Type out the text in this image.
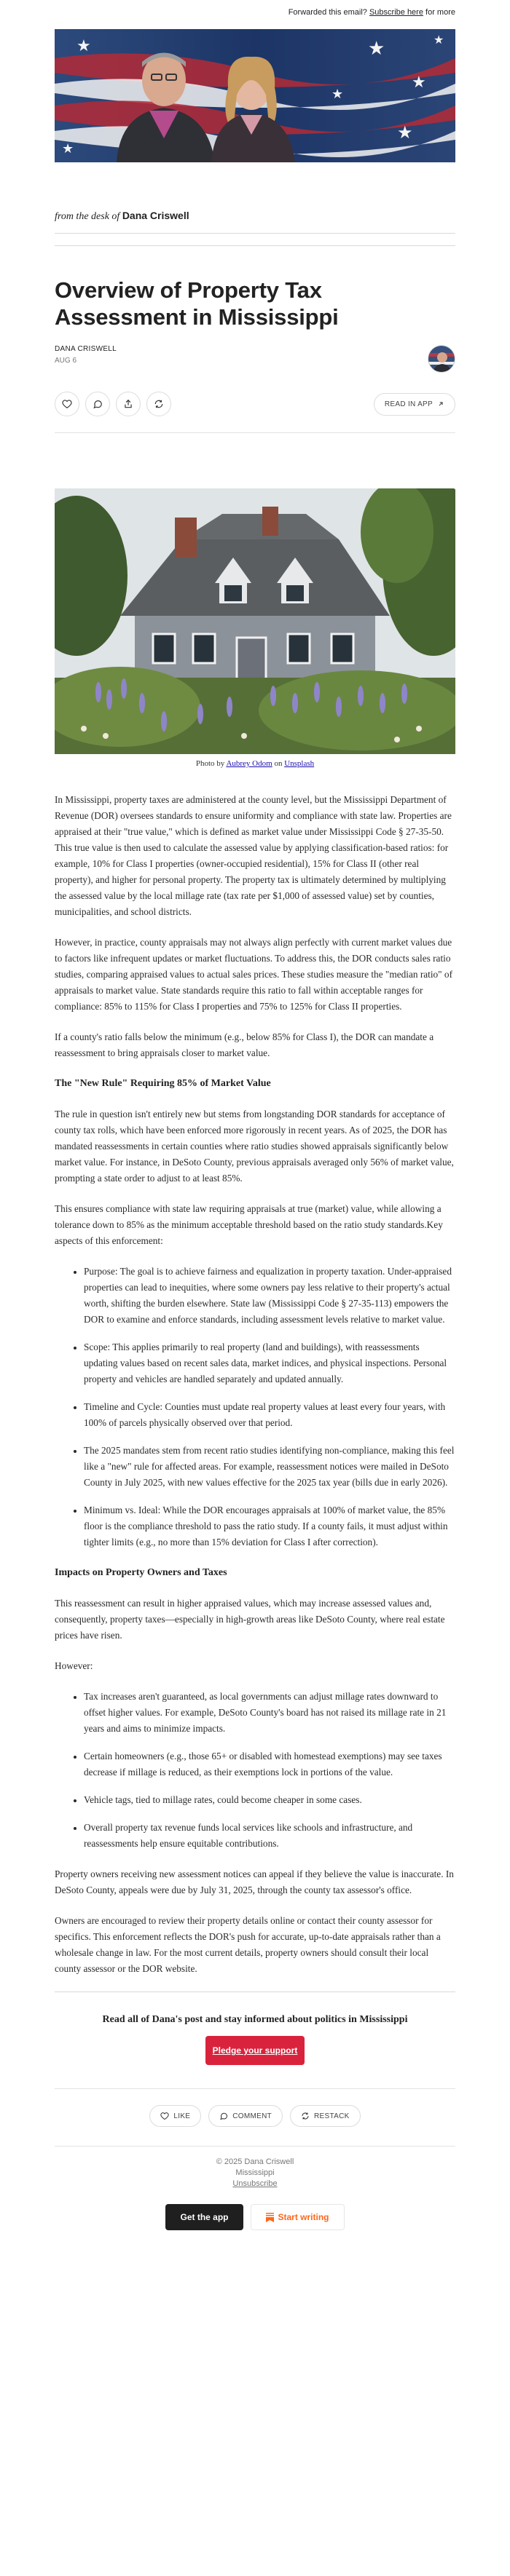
Forwarded this email? Subscribe here for more
★	★
★
★
★
★
★
from the desk of Dana Criswell
Overview of Property Tax Assessment in Mississippi
DANA CRISWELL
AUG 6
READ IN APP
Photo by Aubrey Odom on Unsplash

In Mississippi, property taxes are administered at the county level, but the Mississippi Department of Revenue (DOR) oversees standards to ensure uniformity and compliance with state law. Properties are appraised at their "true value," which is defined as market value under Mississippi Code § 27-35-50. This true value is then used to calculate the assessed value by applying classification-based ratios: for example, 10% for Class I properties (owner-occupied residential), 15% for Class II (other real property), and higher for personal property. The property tax is ultimately determined by multiplying the assessed value by the local millage rate (tax rate per $1,000 of assessed value) set by counties, municipalities, and school districts.

However, in practice, county appraisals may not always align perfectly with current market values due to factors like infrequent updates or market fluctuations. To address this, the DOR conducts sales ratio studies, comparing appraised values to actual sales prices. These studies measure the "median ratio" of appraisals to market value. State standards require this ratio to fall within acceptable ranges for compliance: 85% to 115% for Class I properties and 75% to 125% for Class II properties.

If a county's ratio falls below the minimum (e.g., below 85% for Class I), the DOR can mandate a reassessment to bring appraisals closer to market value.

The "New Rule" Requiring 85% of Market Value

The rule in question isn't entirely new but stems from longstanding DOR standards for acceptance of county tax rolls, which have been enforced more rigorously in recent years. As of 2025, the DOR has mandated reassessments in certain counties where ratio studies showed appraisals significantly below market value. For instance, in DeSoto County, previous appraisals averaged only 56% of market value, prompting a state order to adjust to at least 85%.

This ensures compliance with state law requiring appraisals at true (market) value, while allowing a tolerance down to 85% as the minimum acceptable threshold based on the ratio study standards.Key aspects of this enforcement:

• Purpose: The goal is to achieve fairness and equalization in property taxation. Under-appraised properties can lead to inequities, where some owners pay less relative to their property's actual worth, shifting the burden elsewhere. State law (Mississippi Code § 27-35-113) empowers the DOR to examine and enforce standards, including assessment levels relative to market value.
• Scope: This applies primarily to real property (land and buildings), with reassessments updating values based on recent sales data, market indices, and physical inspections. Personal property and vehicles are handled separately and updated annually.
• Timeline and Cycle: Counties must update real property values at least every four years, with 100% of parcels physically observed over that period.
• The 2025 mandates stem from recent ratio studies identifying non-compliance, making this feel like a "new" rule for affected areas. For example, reassessment notices were mailed in DeSoto County in July 2025, with new values effective for the 2025 tax year (bills due in early 2026).
• Minimum vs. Ideal: While the DOR encourages appraisals at 100% of market value, the 85% floor is the compliance threshold to pass the ratio study. If a county fails, it must adjust within tighter limits (e.g., no more than 15% deviation for Class I after correction).
Impacts on Property Owners and Taxes

This reassessment can result in higher appraised values, which may increase assessed values and, consequently, property taxes—especially in high-growth areas like DeSoto County, where real estate prices have risen.

However:

• Tax increases aren't guaranteed, as local governments can adjust millage rates downward to offset higher values. For example, DeSoto County's board has not raised its millage rate in 21 years and aims to minimize impacts.
• Certain homeowners (e.g., those 65+ or disabled with homestead exemptions) may see taxes decrease if millage is reduced, as their exemptions lock in portions of the value.
• Vehicle tags, tied to millage rates, could become cheaper in some cases.
• Overall property tax revenue funds local services like schools and infrastructure, and reassessments help ensure equitable contributions.

Property owners receiving new assessment notices can appeal if they believe the value is inaccurate. In DeSoto County, appeals were due by July 31, 2025, through the county tax assessor's office.

Owners are encouraged to review their property details online or contact their county assessor for specifics. This enforcement reflects the DOR's push for accurate, up-to-date appraisals rather than a wholesale change in law. For the most current details, property owners should consult their local county assessor or the DOR website.

Read all of Dana's post and stay informed about politics in Mississippi
Pledge your support
LIKE	COMMENT	RESTACK
© 2025 Dana Criswell
Mississippi
Unsubscribe
Get the app	Start writing
